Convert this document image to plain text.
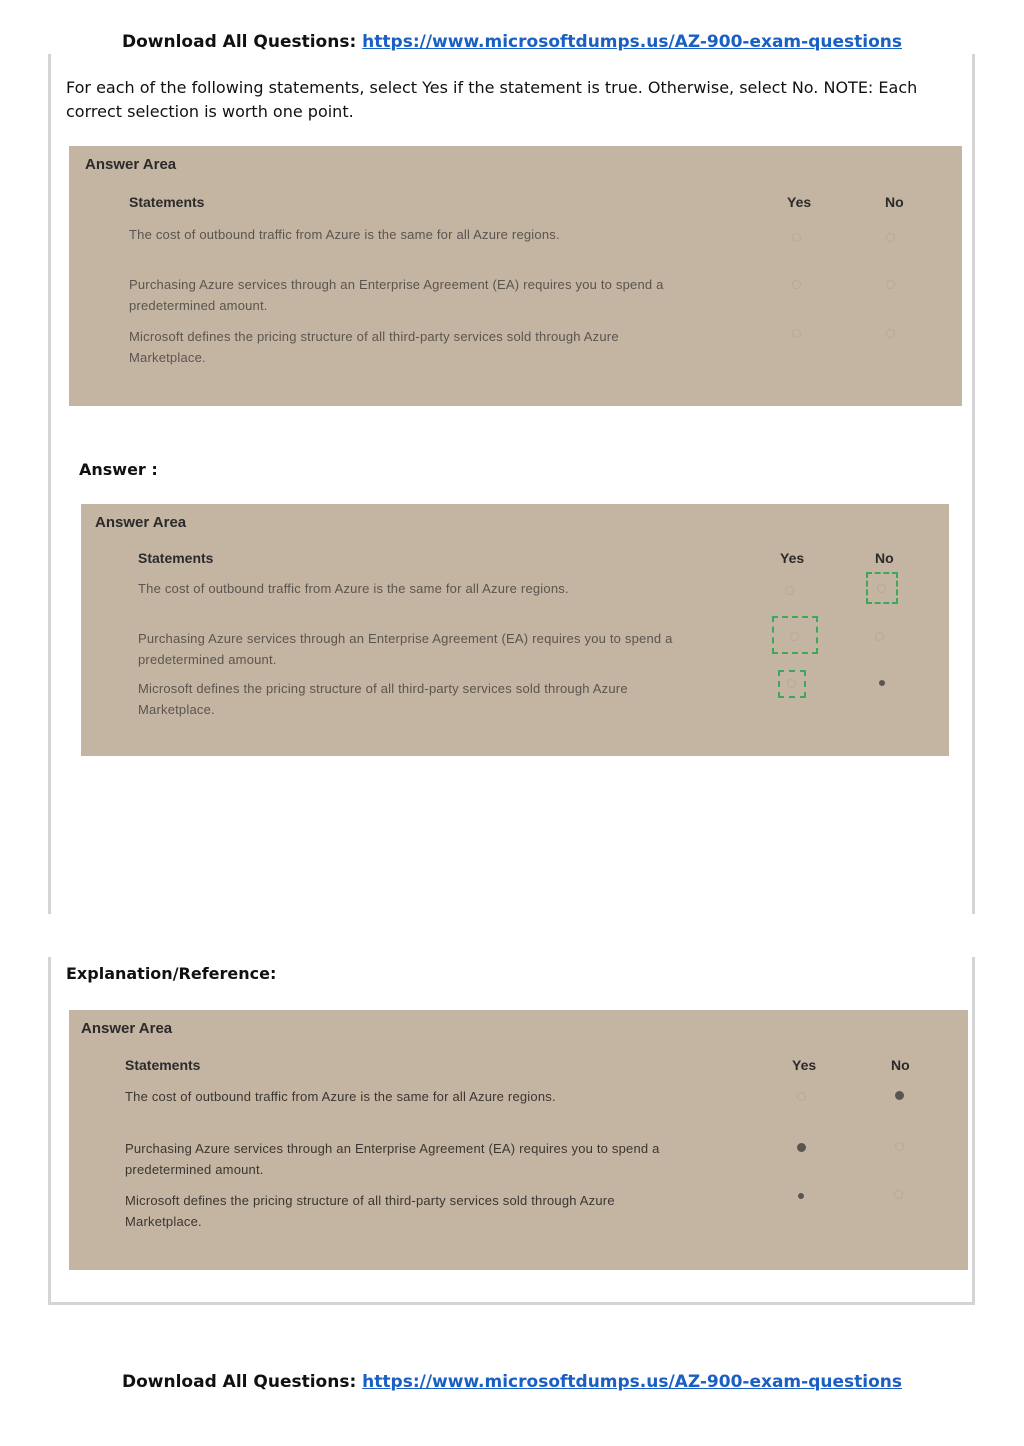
Download All Questions: https://www.microsoftdumps.us/AZ-900-exam-questions
For each of the following statements, select Yes if the statement is true. Otherwise, select No. NOTE: Each correct selection is worth one point.
Answer Area
Statements	Yes	No
The cost of outbound traffic from Azure is the same for all Azure regions.
Purchasing Azure services through an Enterprise Agreement (EA) requires you to spend a
predetermined amount.
Microsoft defines the pricing structure of all third-party services sold through Azure
Marketplace.
Answer :
Answer Area
Statements	Yes	No
The cost of outbound traffic from Azure is the same for all Azure regions.
Purchasing Azure services through an Enterprise Agreement (EA) requires you to spend a
predetermined amount.
Microsoft defines the pricing structure of all third-party services sold through Azure
Marketplace.
Explanation/Reference:
Answer Area
Statements	Yes	No
The cost of outbound traffic from Azure is the same for all Azure regions.
Purchasing Azure services through an Enterprise Agreement (EA) requires you to spend a
predetermined amount.
Microsoft defines the pricing structure of all third-party services sold through Azure
Marketplace.
Download All Questions: https://www.microsoftdumps.us/AZ-900-exam-questions
